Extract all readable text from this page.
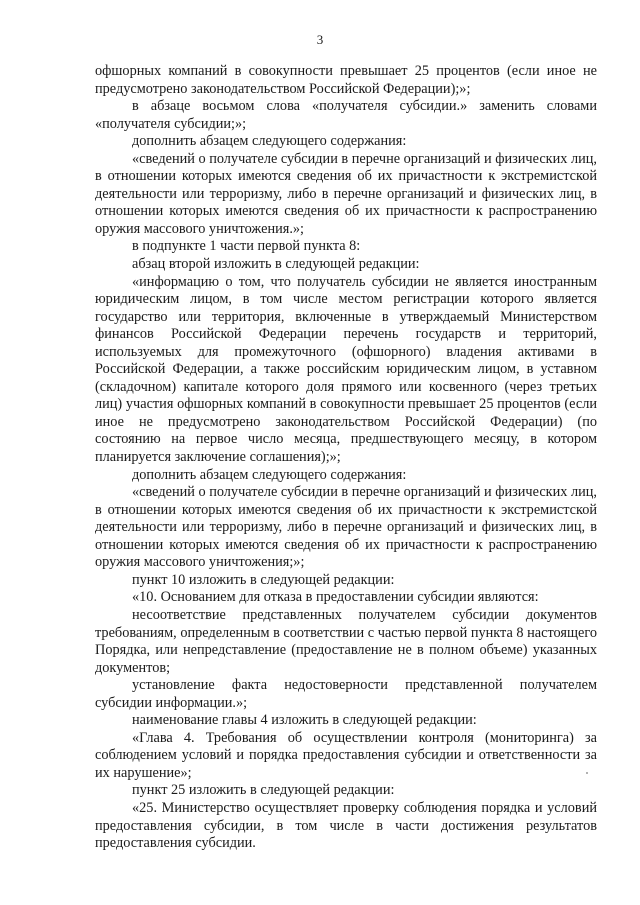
3

офшорных компаний в совокупности превышает 25 процентов (если иное не предусмотрено законодательством Российской Федерации);»;

в абзаце восьмом слова «получателя субсидии.» заменить словами «получателя субсидии;»;

дополнить абзацем следующего содержания:

«сведений о получателе субсидии в перечне организаций и физических лиц, в отношении которых имеются сведения об их причастности к экстремистской деятельности или терроризму, либо в перечне организаций и физических лиц, в отношении которых имеются сведения об их причастности к распространению оружия массового уничтожения.»;

в подпункте 1 части первой пункта 8:

абзац второй изложить в следующей редакции:

«информацию о том, что получатель субсидии не является иностранным юридическим лицом, в том числе местом регистрации которого является государство или территория, включенные в утверждаемый Министерством финансов Российской Федерации перечень государств и территорий, используемых для промежуточного (офшорного) владения активами в Российской Федерации, а также российским юридическим лицом, в уставном (складочном) капитале которого доля прямого или косвенного (через третьих лиц) участия офшорных компаний в совокупности превышает 25 процентов (если иное не предусмотрено законодательством Российской Федерации) (по состоянию на первое число месяца, предшествующего месяцу, в котором планируется заключение соглашения);»;

дополнить абзацем следующего содержания:

«сведений о получателе субсидии в перечне организаций и физических лиц, в отношении которых имеются сведения об их причастности к экстремистской деятельности или терроризму, либо в перечне организаций и физических лиц, в отношении которых имеются сведения об их причастности к распространению оружия массового уничтожения;»;

пункт 10 изложить в следующей редакции:

«10. Основанием для отказа в предоставлении субсидии являются:

несоответствие представленных получателем субсидии документов требованиям, определенным в соответствии с частью первой пункта 8 настоящего Порядка, или непредставление (предоставление не в полном объеме) указанных документов;

установление факта недостоверности представленной получателем субсидии информации.»;

наименование главы 4 изложить в следующей редакции:

«Глава 4. Требования об осуществлении контроля (мониторинга) за соблюдением условий и порядка предоставления субсидии и ответственности за их нарушение»;

пункт 25 изложить в следующей редакции:

«25. Министерство осуществляет проверку соблюдения порядка и условий предоставления субсидии, в том числе в части достижения результатов предоставления субсидии.
